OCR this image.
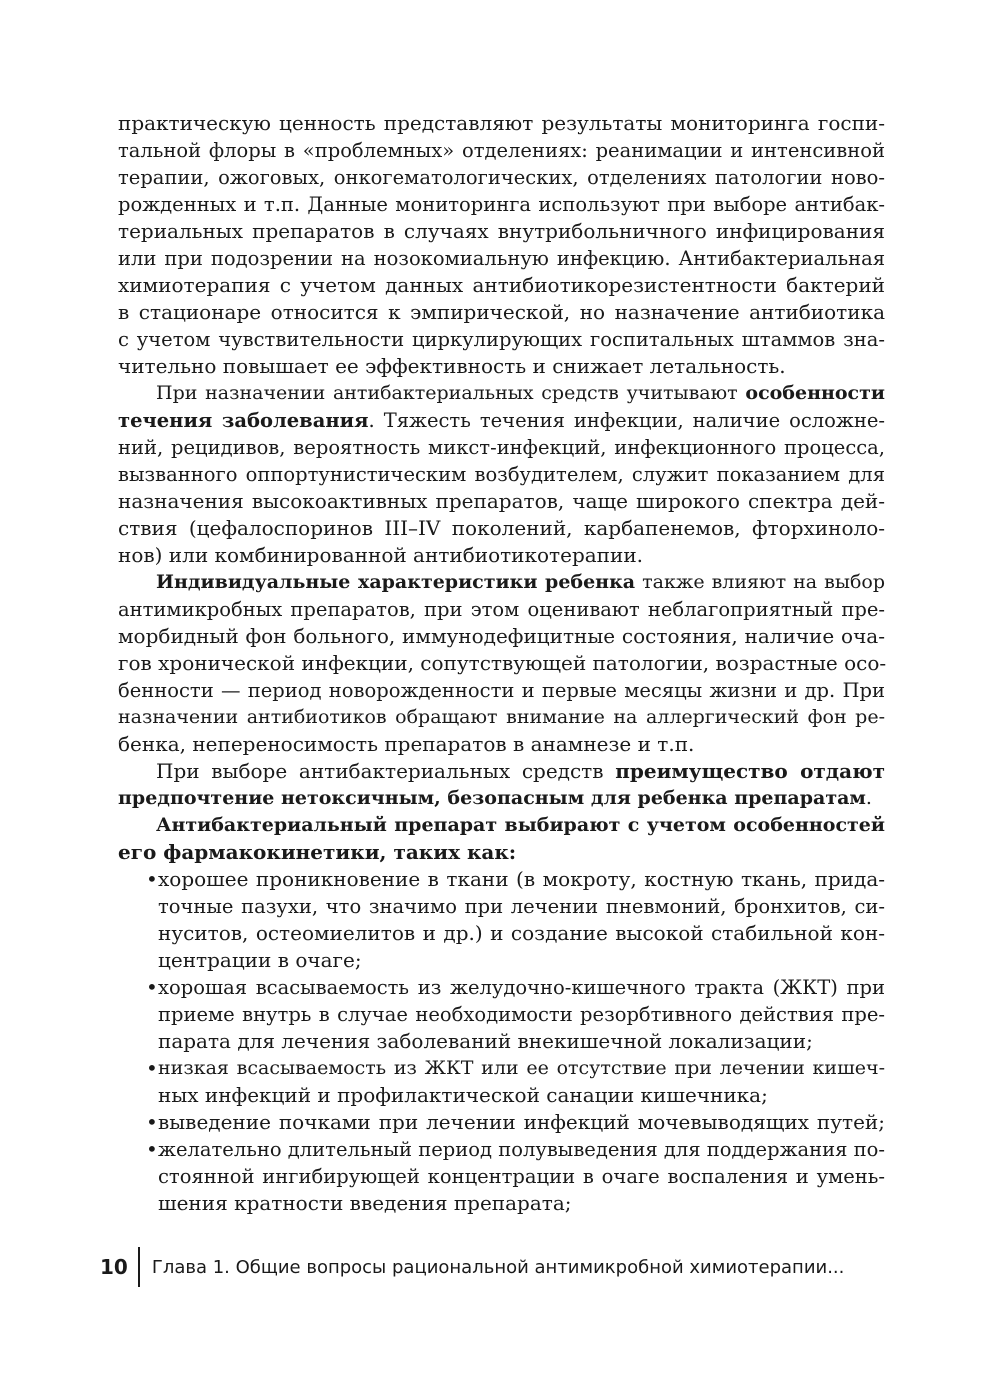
практическую ценность представляют результаты мониторинга госпи-
тальной флоры в «проблемных» отделениях: реанимации и интенсивной
терапии, ожоговых, онкогематологических, отделениях патологии ново-
рожденных и т.п. Данные мониторинга используют при выборе антибак-
териальных препаратов в случаях внутрибольничного инфицирования
или при подозрении на нозокомиальную инфекцию. Антибактериальная
химиотерапия с учетом данных антибиотикорезистентности бактерий
в стационаре относится к эмпирической, но назначение антибиотика
с учетом чувствительности циркулирующих госпитальных штаммов зна-
чительно повышает ее эффективность и снижает летальность.
При назначении антибактериальных средств учитывают особенности
течения заболевания. Тяжесть течения инфекции, наличие осложне-
ний, рецидивов, вероятность микст-инфекций, инфекционного процесса,
вызванного оппортунистическим возбудителем, служит показанием для
назначения высокоактивных препаратов, чаще широкого спектра дей-
ствия (цефалоспоринов III–IV поколений, карбапенемов, фторхиноло-
нов) или комбинированной антибиотикотерапии.
Индивидуальные характеристики ребенка также влияют на выбор
антимикробных препаратов, при этом оценивают неблагоприятный пре-
морбидный фон больного, иммунодефицитные состояния, наличие оча-
гов хронической инфекции, сопутствующей патологии, возрастные осо-
бенности — период новорожденности и первые месяцы жизни и др. При
назначении антибиотиков обращают внимание на аллергический фон ре-
бенка, непереносимость препаратов в анамнезе и т.п.
При выборе антибактериальных средств преимущество отдают
предпочтение нетоксичным, безопасным для ребенка препаратам.
Антибактериальный препарат выбирают с учетом особенностей
его фармакокинетики, таких как:
• хорошее проникновение в ткани (в мокроту, костную ткань, прида-
точные пазухи, что значимо при лечении пневмоний, бронхитов, си-
нуситов, остеомиелитов и др.) и создание высокой стабильной кон-
центрации в очаге;
• хорошая всасываемость из желудочно-кишечного тракта (ЖКТ) при
приеме внутрь в случае необходимости резорбтивного действия пре-
парата для лечения заболеваний внекишечной локализации;
• низкая всасываемость из ЖКТ или ее отсутствие при лечении кишеч-
ных инфекций и профилактической санации кишечника;
• выведение почками при лечении инфекций мочевыводящих путей;
• желательно длительный период полувыведения для поддержания по-
стоянной ингибирующей концентрации в очаге воспаления и умень-
шения кратности введения препарата;
10	Глава 1. Общие вопросы рациональной антимикробной химиотерапии...
